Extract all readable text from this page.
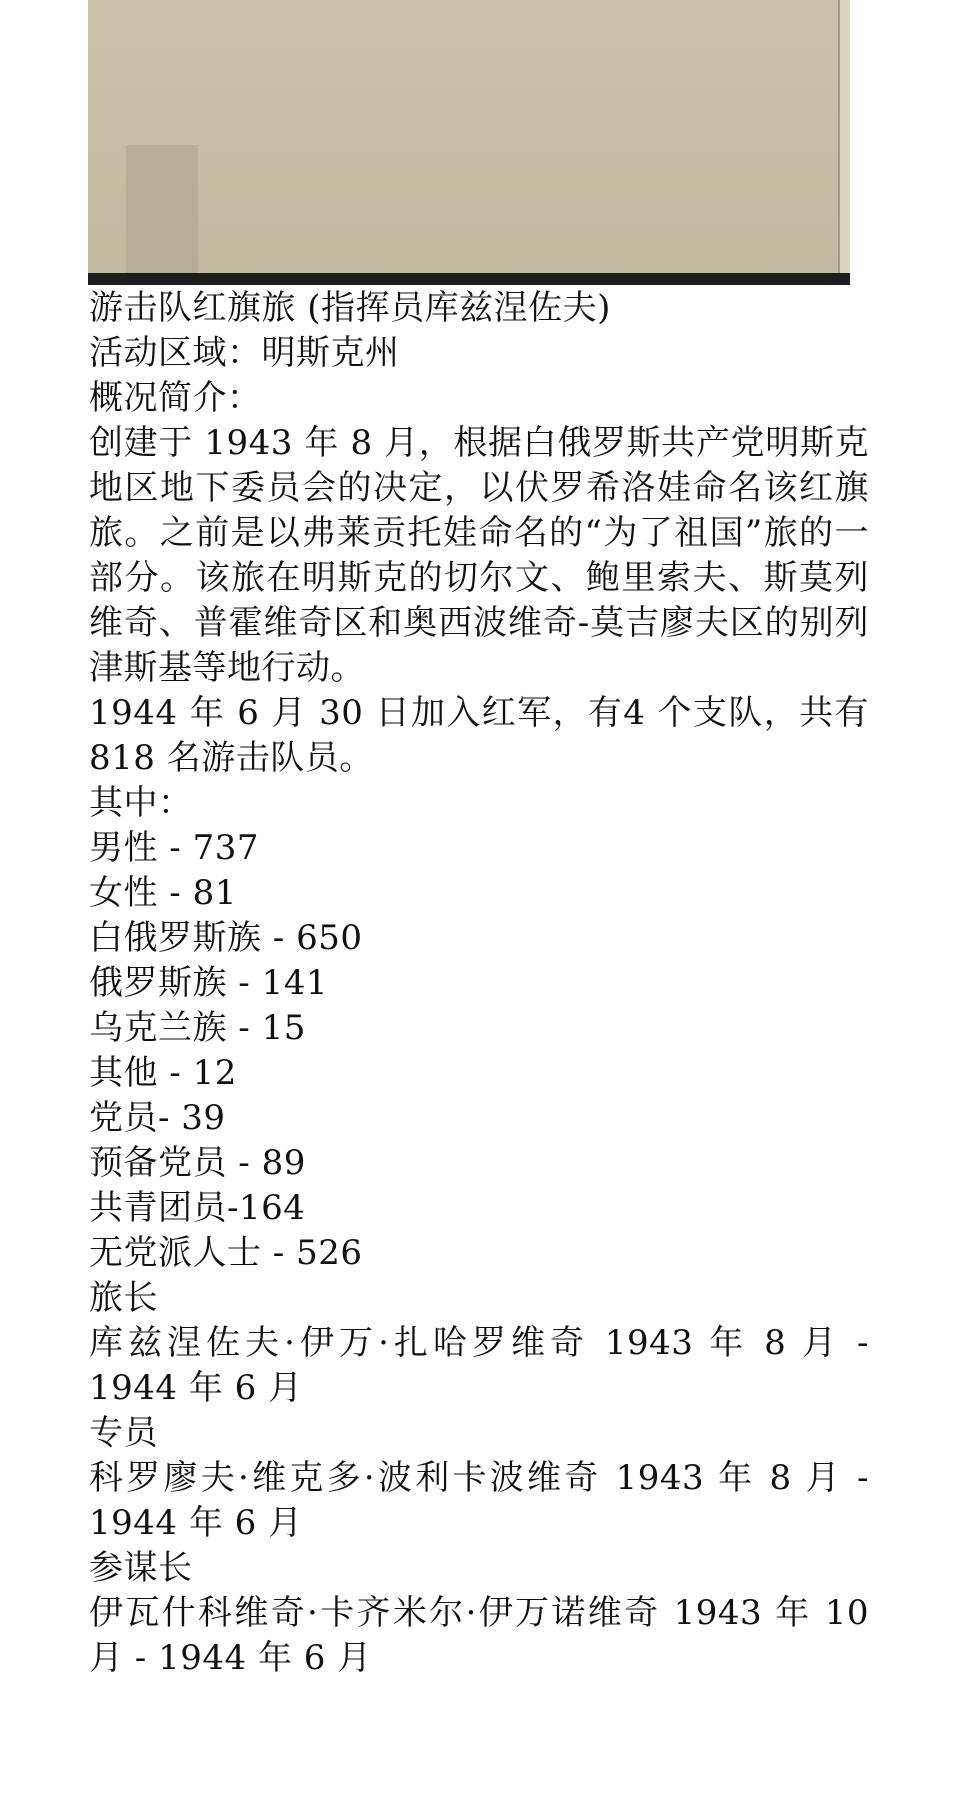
游击队红旗旅 (指挥员库兹涅佐夫)
活动区域：明斯克州
概况简介：
创建于 1943 年 8 月，根据白俄罗斯共产党明斯克地区地下委员会的决定，以伏罗希洛娃命名该红旗旅。之前是以弗莱贡托娃命名的“为了祖国”旅的一部分。该旅在明斯克的切尔文、鲍里索夫、斯莫列维奇、普霍维奇区和奥西波维奇-莫吉廖夫区的别列津斯基等地行动。
1944 年 6 月 30 日加入红军，有4 个支队，共有 818 名游击队员。
其中：
男性 - 737
女性 - 81
白俄罗斯族 - 650
俄罗斯族 - 141
乌克兰族 - 15
其他 - 12
党员- 39
预备党员 - 89
共青团员-164
无党派人士 - 526
旅长
库兹涅佐夫·伊万·扎哈罗维奇 1943 年 8 月 - 1944 年 6 月
专员
科罗廖夫·维克多·波利卡波维奇 1943 年 8 月 - 1944 年 6 月
参谋长
伊瓦什科维奇·卡齐米尔·伊万诺维奇 1943 年 10 月 - 1944 年 6 月
